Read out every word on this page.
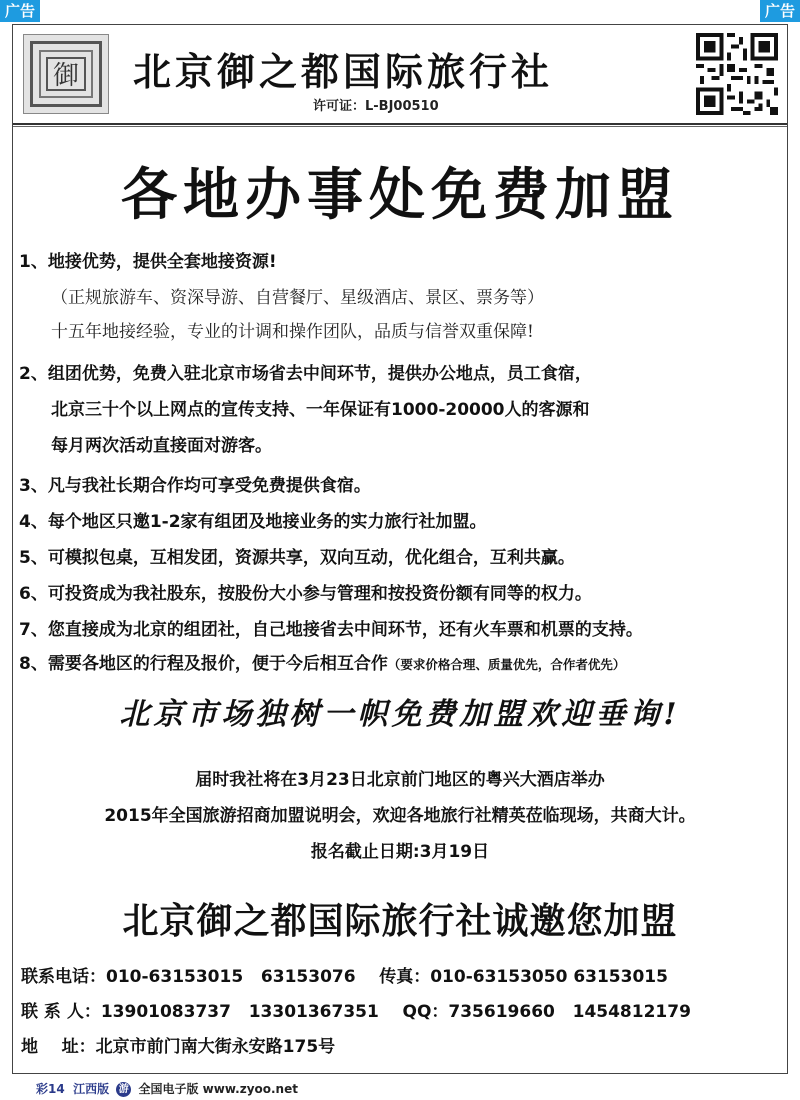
广告	广告
御 北京御之都国际旅行社
许可证：L-BJ00510
各地办事处免费加盟
1、地接优势，提供全套地接资源!
（正规旅游车、资深导游、自营餐厅、星级酒店、景区、票务等）
十五年地接经验，专业的计调和操作团队，品质与信誉双重保障!
2、组团优势，免费入驻北京市场省去中间环节，提供办公地点，员工食宿，
北京三十个以上网点的宣传支持、一年保证有1000-20000人的客源和
每月两次活动直接面对游客。
3、凡与我社长期合作均可享受免费提供食宿。
4、每个地区只邀1-2家有组团及地接业务的实力旅行社加盟。
5、可模拟包桌，互相发团，资源共享，双向互动，优化组合，互利共赢。
6、可投资成为我社股东，按股份大小参与管理和按投资份额有同等的权力。
7、您直接成为北京的组团社，自己地接省去中间环节，还有火车票和机票的支持。
8、需要各地区的行程及报价，便于今后相互合作（要求价格合理、质量优先，合作者优先）
北京市场独树一帜免费加盟欢迎垂询!
届时我社将在3月23日北京前门地区的粤兴大酒店举办
2015年全国旅游招商加盟说明会，欢迎各地旅行社精英莅临现场，共商大计。
报名截止日期:3月19日
北京御之都国际旅行社诚邀您加盟
联系电话：010-63153015   63153076    传真：010-63153050 63153015
联 系 人：13901083737   13301367351    QQ：735619660   1454812179
地    址：北京市前门南大街永安路175号
彩14 江西版 游 全国电子版 www.zyoo.net
